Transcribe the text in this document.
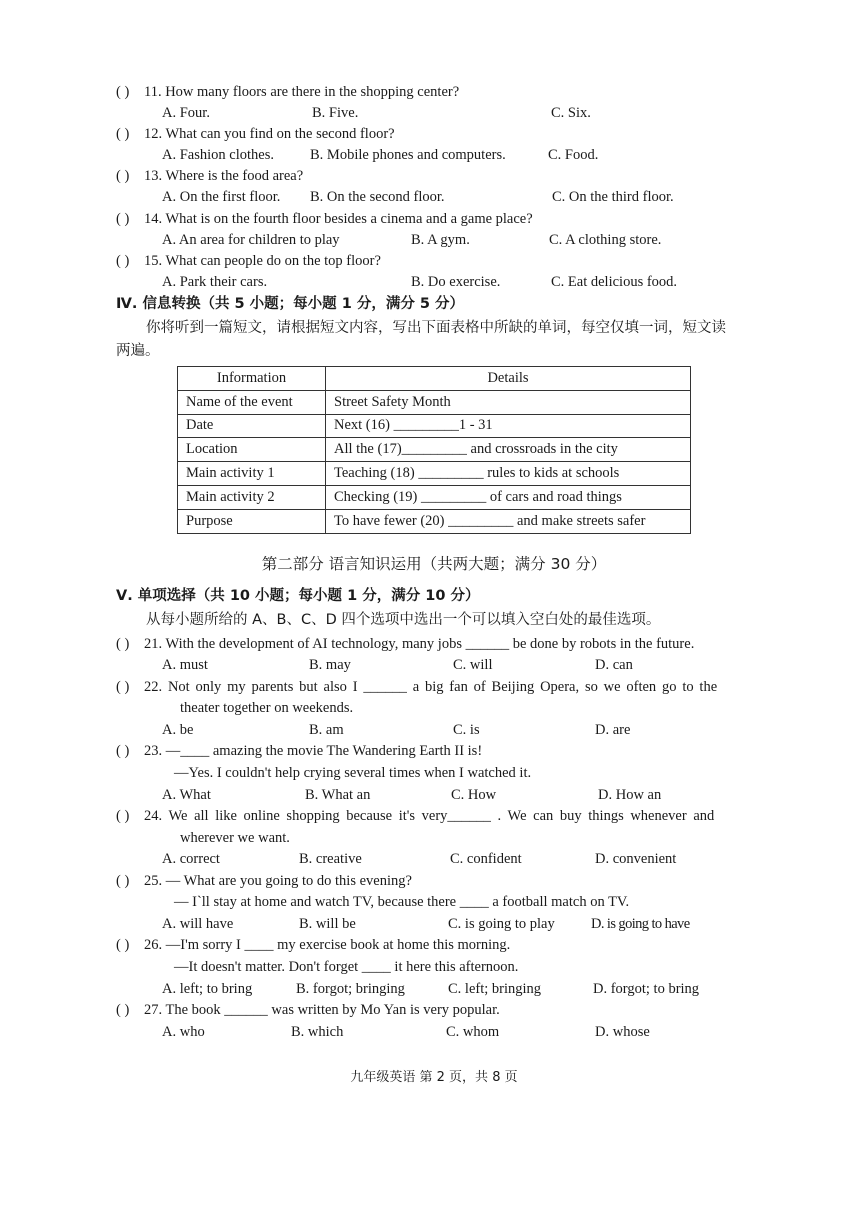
( ) 11. How many floors are there in the shopping center?
A. Four.	B. Five.	C. Six.
( ) 12. What can you find on the second floor?
A. Fashion clothes. B. Mobile phones and computers.	C. Food.
( ) 13. Where is the food area?
A. On the first floor. B. On the second floor.	C. On the third floor.
( ) 14. What is on the fourth floor besides a cinema and a game place?
A. An area for children to play	B. A gym.	C. A clothing store.
( ) 15. What can people do on the top floor?
A. Park their cars.	B. Do exercise.	C. Eat delicious food.
Ⅳ. 信息转换（共 5 小题；每小题 1 分，满分 5 分）
你将听到一篇短文，请根据短文内容，写出下面表格中所缺的单词，每空仅填一词，短文读
两遍。
Information	Details
Name of the event	Street Safety Month
Date	Next (16) _________1 - 31
Location	All the (17)_________ and crossroads in the city
Main activity 1	Teaching (18) _________ rules to kids at schools
Main activity 2	Checking (19) _________ of cars and road things
Purpose	To have fewer (20) _________ and make streets safer
第二部分 语言知识运用（共两大题；满分 30 分）
Ⅴ. 单项选择（共 10 小题；每小题 1 分，满分 10 分）
从每小题所给的 A、B、C、D 四个选项中选出一个可以填入空白处的最佳选项。
( ) 21. With the development of AI technology, many jobs ______ be done by robots in the future.
A. must	B. may	C. will	D. can
( ) 22. Not only my parents but also I ______ a big fan of Beijing Opera, so we often go to the
theater together on weekends.
A. be	B. am	C. is	D. are
( ) 23. —____ amazing the movie The Wandering Earth II is!
—Yes. I couldn't help crying several times when I watched it.
A. What	B. What an	C. How	D. How an
( ) 24. We all like online shopping because it's very______ . We can buy things whenever and
wherever we want.
A. correct	B. creative	C. confident	D. convenient
( ) 25. — What are you going to do this evening?
— I`ll stay at home and watch TV, because there ____ a football match on TV.
A. will have	B. will be	C. is going to play	D. is going to have
( ) 26. —I'm sorry I ____ my exercise book at home this morning.
—It doesn't matter. Don't forget ____ it here this afternoon.
A. left; to bring	B. forgot; bringing	C. left; bringing	D. forgot; to bring
( ) 27. The book ______ was written by Mo Yan is very popular.
A. who	B. which	C. whom	D. whose
九年级英语 第 2 页，共 8 页
